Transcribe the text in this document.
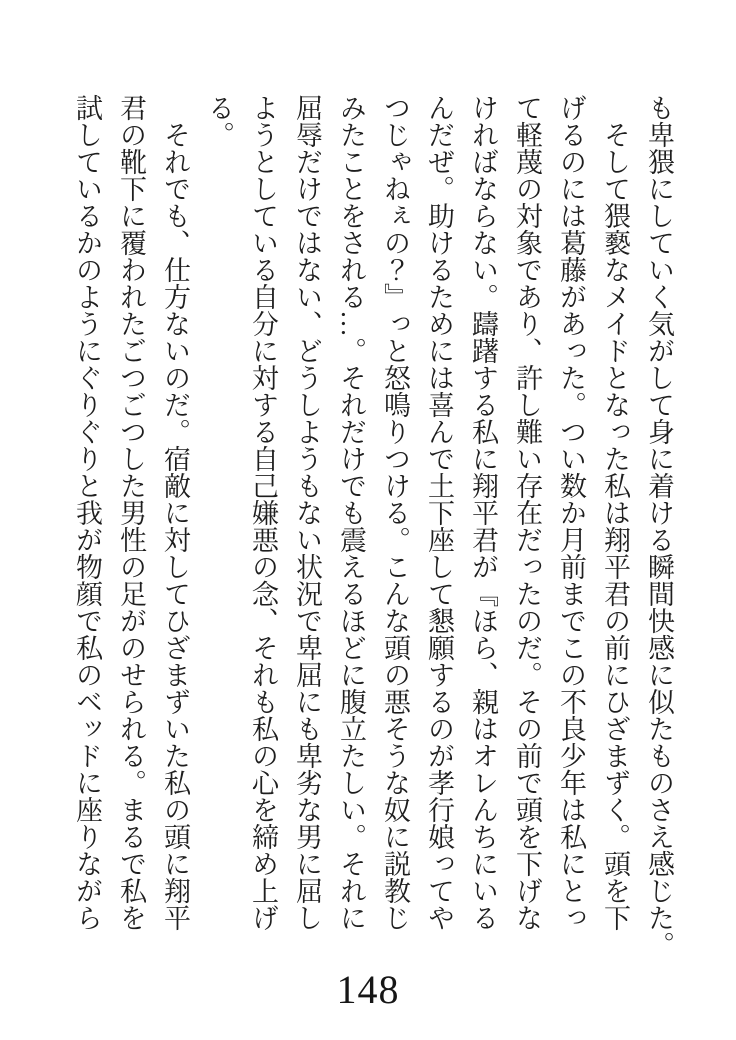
も卑猥にしていく気がして身に着ける瞬間快感に似たものさえ感じた。
そして猥褻なメイドとなった私は翔平君の前にひざまずく。頭を下
げるのには葛藤があった。つい数か月前までこの不良少年は私にとっ
て軽蔑の対象であり、許し難い存在だったのだ。その前で頭を下げな
ければならない。躊躇する私に翔平君が『ほら、親はオレんちにいる
んだぜ。助けるためには喜んで土下座して懇願するのが孝行娘ってや
つじゃねぇの？』っと怒鳴りつける。こんな頭の悪そうな奴に説教じ
みたことをされる…。それだけでも震えるほどに腹立たしい。それに
屈辱だけではない、どうしようもない状況で卑屈にも卑劣な男に屈し
ようとしている自分に対する自己嫌悪の念、それも私の心を締め上げ
る。
それでも、仕方ないのだ。宿敵に対してひざまずいた私の頭に翔平
君の靴下に覆われたごつごつした男性の足がのせられる。まるで私を
試しているかのようにぐりぐりと我が物顔で私のベッドに座りながら
148
